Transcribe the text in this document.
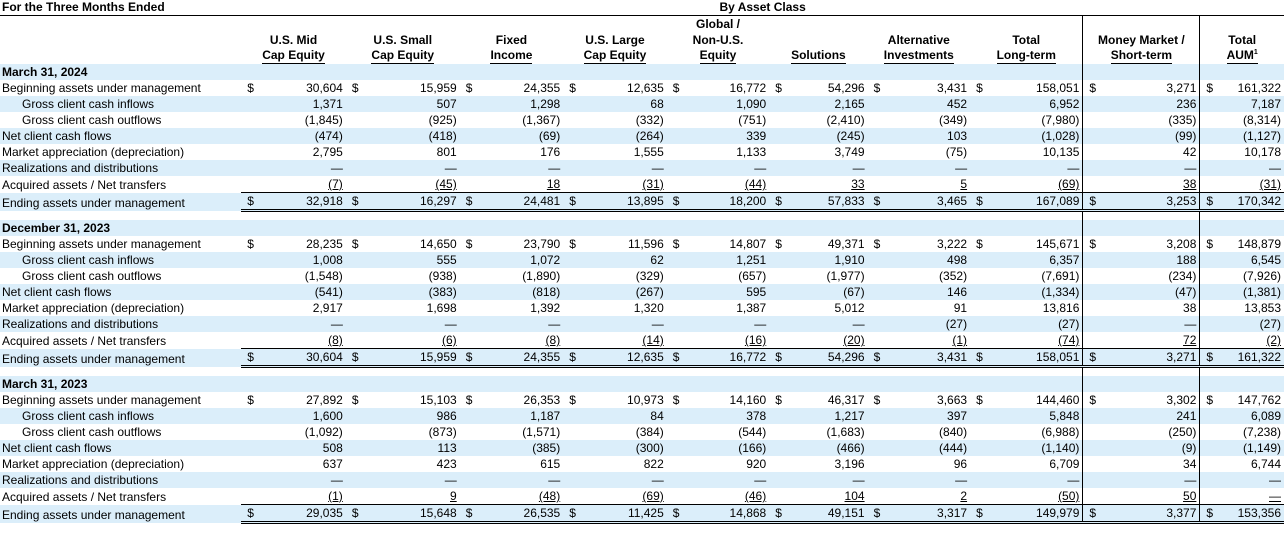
For the Three Months Ended	By Asset Class																			
									Global /											
	U.S. Mid		U.S. Small		Fixed		U.S. Large		Non-U.S.				Alternative		Total		Money Market /		Total	
	Cap Equity		Cap Equity		Income		Cap Equity		Equity		Solutions		Investments		Long-term		Short-term		AUM$^1$
March 31, 2024																				
Beginning assets under management	$	30,604	$	15,959	$	24,355	$	12,635	$	16,772	$	54,296	$	3,431	$	158,051	$	3,271	$	161,322
Gross client cash inflows		1,371		507		1,298		68		1,090		2,165		452		6,952		236		7,187
Gross client cash outflows		(1,845)		(925)		(1,367)		(332)		(751)		(2,410)		(349)		(7,980)		(335)		(8,314)
Net client cash flows		(474)		(418)		(69)		(264)		339		(245)		103		(1,028)		(99)		(1,127)
Market appreciation (depreciation)		2,795		801		176		1,555		1,133		3,749		(75)		10,135		42		10,178
Realizations and distributions		—		—		—		—		—		—		—		—		—		—
Acquired assets / Net transfers		(7)		(45)		18		(31)		(44)		33		5		(69)		38		(31)
Ending assets under management	$	32,918	$	16,297	$	24,481	$	13,895	$	18,200	$	57,833	$	3,465	$	167,089	$	3,253	$	170,342

December 31, 2023																				
Beginning assets under management	$	28,235	$	14,650	$	23,790	$	11,596	$	14,807	$	49,371	$	3,222	$	145,671	$	3,208	$	148,879
Gross client cash inflows		1,008		555		1,072		62		1,251		1,910		498		6,357		188		6,545
Gross client cash outflows		(1,548)		(938)		(1,890)		(329)		(657)		(1,977)		(352)		(7,691)		(234)		(7,926)
Net client cash flows		(541)		(383)		(818)		(267)		595		(67)		146		(1,334)		(47)		(1,381)
Market appreciation (depreciation)		2,917		1,698		1,392		1,320		1,387		5,012		91		13,816		38		13,853
Realizations and distributions		—		—		—		—		—		—		(27)		(27)		—		(27)
Acquired assets / Net transfers		(8)		(6)		(8)		(14)		(16)		(20)		(1)		(74)		72		(2)
Ending assets under management	$	30,604	$	15,959	$	24,355	$	12,635	$	16,772	$	54,296	$	3,431	$	158,051	$	3,271	$	161,322

March 31, 2023																				
Beginning assets under management	$	27,892	$	15,103	$	26,353	$	10,973	$	14,160	$	46,317	$	3,663	$	144,460	$	3,302	$	147,762
Gross client cash inflows		1,600		986		1,187		84		378		1,217		397		5,848		241		6,089
Gross client cash outflows		(1,092)		(873)		(1,571)		(384)		(544)		(1,683)		(840)		(6,988)		(250)		(7,238)
Net client cash flows		508		113		(385)		(300)		(166)		(466)		(444)		(1,140)		(9)		(1,149)
Market appreciation (depreciation)		637		423		615		822		920		3,196		96		6,709		34		6,744
Realizations and distributions		—		—		—		—		—		—		—		—		—		—
Acquired assets / Net transfers		(1)		9		(48)		(69)		(46)		104		2		(50)		50		—
Ending assets under management	$	29,035	$	15,648	$	26,535	$	11,425	$	14,868	$	49,151	$	3,317	$	149,979	$	3,377	$	153,356
